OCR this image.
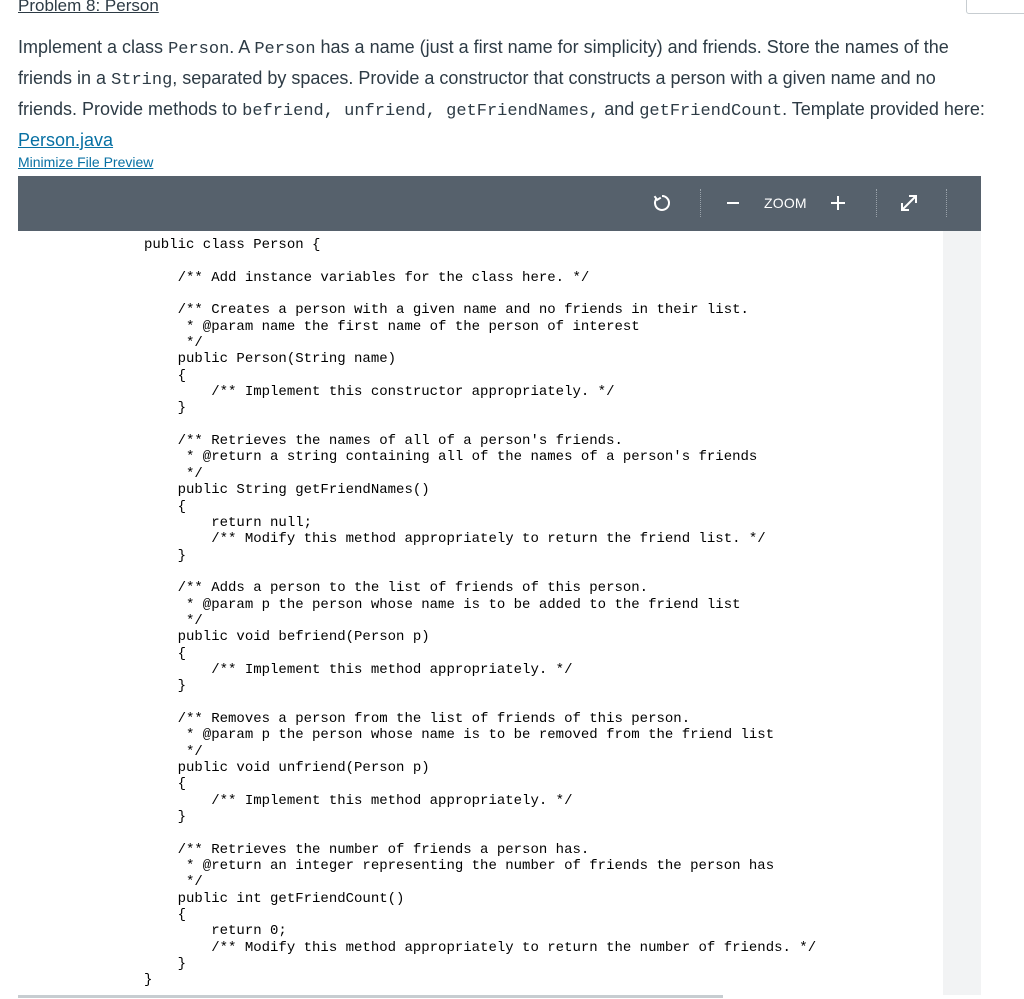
Problem 8: Person

Implement a class Person. A Person has a name (just a first name for simplicity) and friends. Store the names of the friends in a String, separated by spaces. Provide a constructor that constructs a person with a given name and no friends. Provide methods to befriend, unfriend, getFriendNames, and getFriendCount. Template provided here: Person.java

Minimize File Preview
ZOOM
public class Person {

/** Add instance variables for the class here. */

/** Creates a person with a given name and no friends in their list.
* @param name the first name of the person of interest
*/
public Person(String name)
{
/** Implement this constructor appropriately. */
}

/** Retrieves the names of all of a person's friends.
* @return a string containing all of the names of a person's friends
*/
public String getFriendNames()
{
return null;
/** Modify this method appropriately to return the friend list. */
}

/** Adds a person to the list of friends of this person.
* @param p the person whose name is to be added to the friend list
*/
public void befriend(Person p)
{
/** Implement this method appropriately. */
}

/** Removes a person from the list of friends of this person.
* @param p the person whose name is to be removed from the friend list
*/
public void unfriend(Person p)
{
/** Implement this method appropriately. */
}

/** Retrieves the number of friends a person has.
* @return an integer representing the number of friends the person has
*/
public int getFriendCount()
{
return 0;
/** Modify this method appropriately to return the number of friends. */
}
}
